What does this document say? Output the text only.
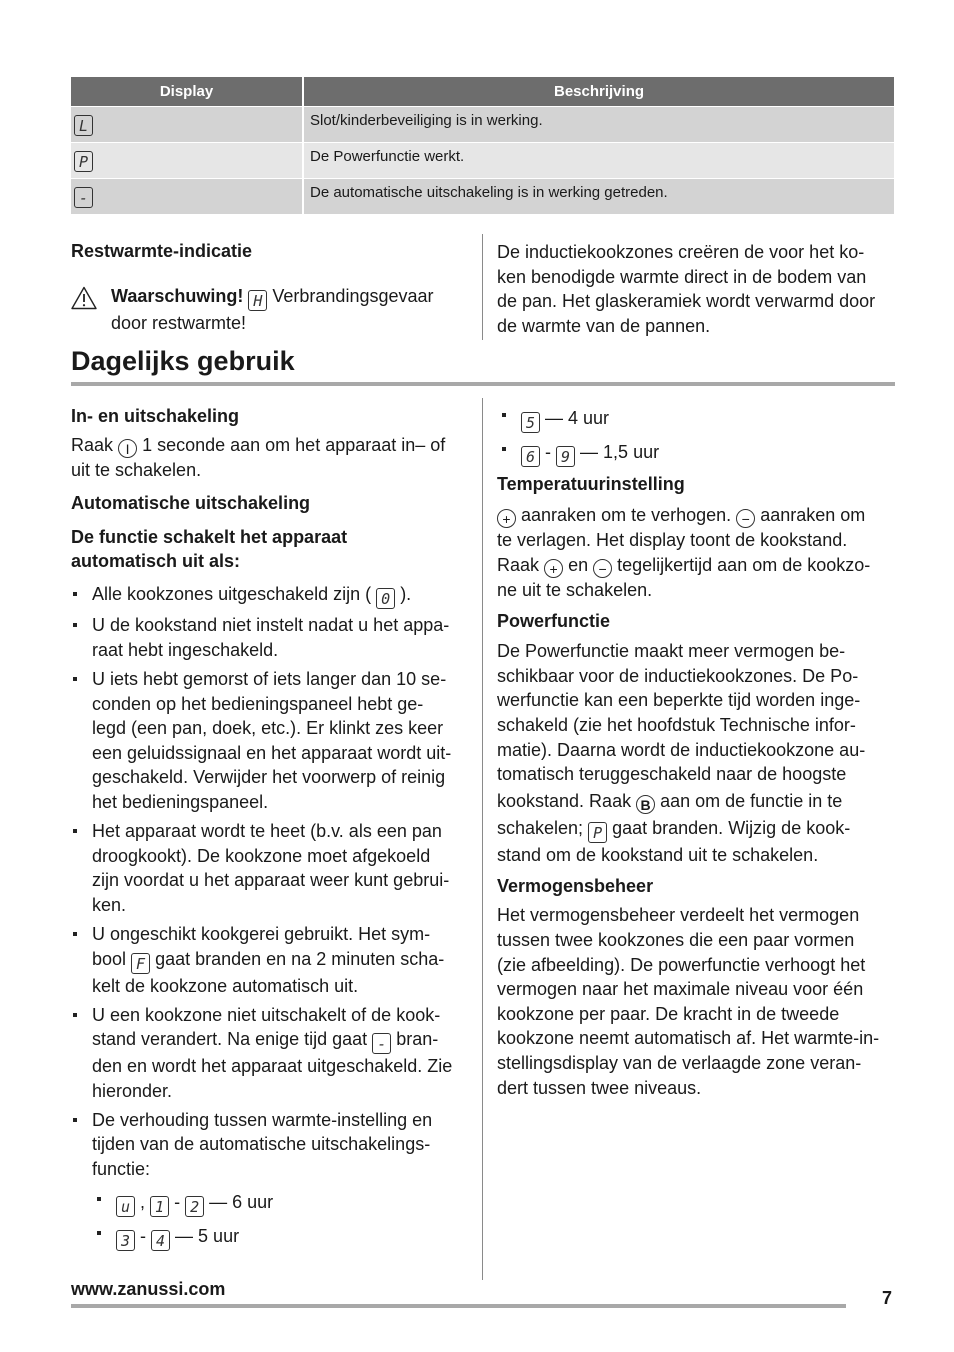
Display	Beschrijving
L	Slot/kinderbeveiliging is in werking.
P	De Powerfunctie werkt.
-	De automatische uitschakeling is in werking getreden.
Restwarmte-indicatie
Waarschuwing! H Verbrandingsgevaar
door restwarmte!
De inductiekookzones creëren de voor het ko-
ken benodigde warmte direct in de bodem van
de pan. Het glaskeramiek wordt verwarmd door
de warmte van de pannen.
Dagelijks gebruik
In- en uitschakeling
Raak I 1 seconde aan om het apparaat in– of
uit te schakelen.
Automatische uitschakeling
De functie schakelt het apparaat
automatisch uit als:
Alle kookzones uitgeschakeld zijn ( 0 ).
U de kookstand niet instelt nadat u het appa-
raat hebt ingeschakeld.
U iets hebt gemorst of iets langer dan 10 se-
conden op het bedieningspaneel hebt ge-
legd (een pan, doek, etc.). Er klinkt zes keer
een geluidssignaal en het apparaat wordt uit-
geschakeld. Verwijder het voorwerp of reinig
het bedieningspaneel.
Het apparaat wordt te heet (b.v. als een pan
droogkookt). De kookzone moet afgekoeld
zijn voordat u het apparaat weer kunt gebrui-
ken.
U ongeschikt kookgerei gebruikt. Het sym-
bool F gaat branden en na 2 minuten scha-
kelt de kookzone automatisch uit.
U een kookzone niet uitschakelt of de kook-
stand verandert. Na enige tijd gaat - bran-
den en wordt het apparaat uitgeschakeld. Zie
hieronder.
De verhouding tussen warmte-instelling en
tijden van de automatische uitschakelings-
functie:
u , 1 - 2 — 6 uur
3 - 4 — 5 uur
5 — 4 uur
6 - 9 — 1,5 uur
Temperatuurinstelling
+ aanraken om te verhogen. − aanraken om
te verlagen. Het display toont de kookstand.
Raak + en − tegelijkertijd aan om de kookzo-
ne uit te schakelen.
Powerfunctie
De Powerfunctie maakt meer vermogen be-
schikbaar voor de inductiekookzones. De Po-
werfunctie kan een beperkte tijd worden inge-
schakeld (zie het hoofdstuk Technische infor-
matie). Daarna wordt de inductiekookzone au-
tomatisch teruggeschakeld naar de hoogste
kookstand. Raak B aan om de functie in te
schakelen; P gaat branden. Wijzig de kook-
stand om de kookstand uit te schakelen.
Vermogensbeheer
Het vermogensbeheer verdeelt het vermogen
tussen twee kookzones die een paar vormen
(zie afbeelding). De powerfunctie verhoogt het
vermogen naar het maximale niveau voor één
kookzone per paar. De kracht in de tweede
kookzone neemt automatisch af. Het warmte-in-
stellingsdisplay van de verlaagde zone veran-
dert tussen twee niveaus.
www.zanussi.com	7
